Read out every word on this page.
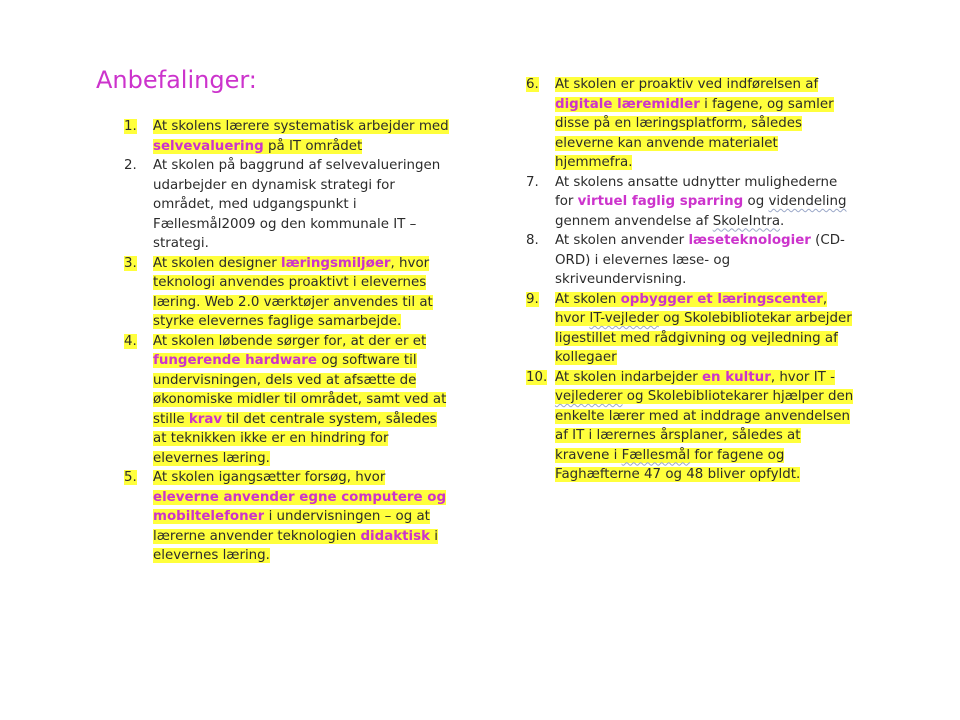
Anbefalinger:
1.	At skolens lærere systematisk arbejder med selvevaluering på IT området
2.	At skolen på baggrund af selvevalueringen udarbejder en dynamisk strategi for området, med udgangspunkt i Fællesmål2009 og den kommunale IT – strategi.
3.	At skolen designer læringsmiljøer, hvor teknologi anvendes proaktivt i elevernes læring. Web 2.0 værktøjer anvendes til at styrke elevernes faglige samarbejde.
4.	At skolen løbende sørger for, at der er et fungerende hardware og software til undervisningen, dels ved at afsætte de økonomiske midler til området, samt ved at stille krav til det centrale system, således at teknikken ikke er en hindring for elevernes læring.
5.	At skolen igangsætter forsøg, hvor eleverne anvender egne computere og mobiltelefoner i undervisningen – og at lærerne anvender teknologien didaktisk i elevernes læring.
6.	At skolen er proaktiv ved indførelsen af digitale læremidler i fagene, og samler disse på en læringsplatform, således eleverne kan anvende materialet hjemmefra.
7.	At skolens ansatte udnytter mulighederne for virtuel faglig sparring og videndeling gennem anvendelse af SkoleIntra.
8.	At skolen anvender læseteknologier (CD-ORD) i elevernes læse- og skriveundervisning.
9.	At skolen opbygger et læringscenter, hvor IT-vejleder og Skolebibliotekar arbejder ligestillet med rådgivning og vejledning af kollegaer
10. At skolen indarbejder en kultur, hvor IT - vejlederer og Skolebibliotekarer hjælper den enkelte lærer med at inddrage anvendelsen af IT i lærernes årsplaner, således at kravene i Fællesmål for fagene og Faghæfterne 47 og 48 bliver opfyldt.
